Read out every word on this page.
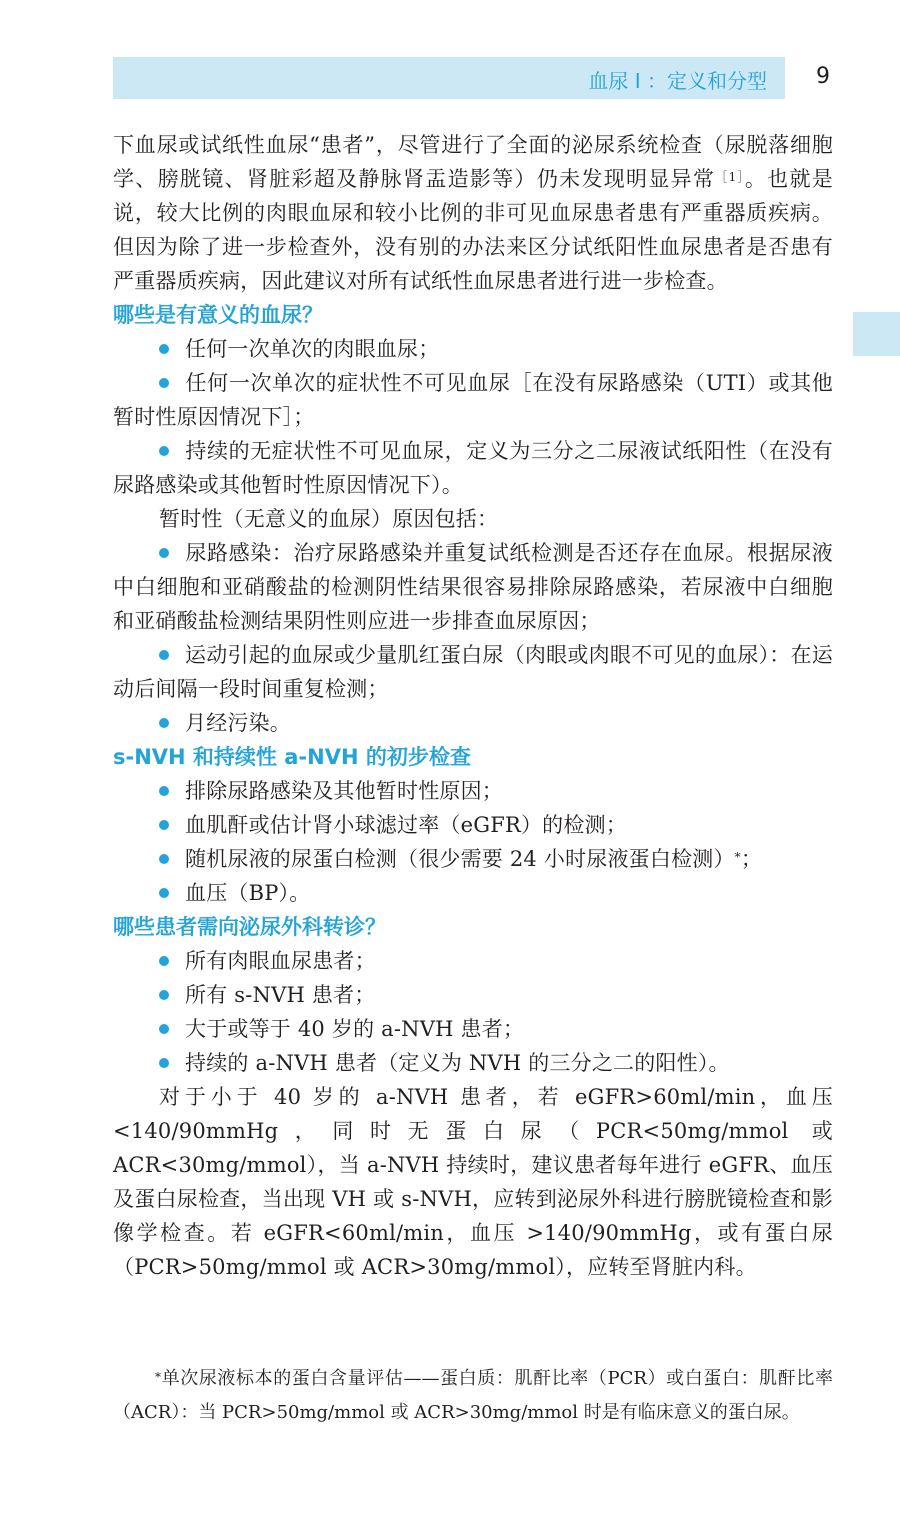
血尿 Ⅰ ：定义和分型 9

下血尿或试纸性血尿“患者”，尽管进行了全面的泌尿系统检查（尿脱落细胞学、膀胱镜、肾脏彩超及静脉肾盂造影等）仍未发现明显异常$^{[1]}$。也就是说，较大比例的肉眼血尿和较小比例的非可见血尿患者患有严重器质疾病。但因为除了进一步检查外，没有别的办法来区分试纸阳性血尿患者是否患有严重器质疾病，因此建议对所有试纸性血尿患者进行进一步检查。

哪些是有意义的血尿？

任何一次单次的肉眼血尿；

任何一次单次的症状性不可见血尿［在没有尿路感染（UTI）或其他暂时性原因情况下］；

持续的无症状性不可见血尿，定义为三分之二尿液试纸阳性（在没有尿路感染或其他暂时性原因情况下）。

暂时性（无意义的血尿）原因包括：

尿路感染：治疗尿路感染并重复试纸检测是否还存在血尿。根据尿液中白细胞和亚硝酸盐的检测阴性结果很容易排除尿路感染，若尿液中白细胞和亚硝酸盐检测结果阴性则应进一步排查血尿原因；

运动引起的血尿或少量肌红蛋白尿（肉眼或肉眼不可见的血尿）：在运动后间隔一段时间重复检测；

月经污染。

s-NVH 和持续性 a-NVH 的初步检查

排除尿路感染及其他暂时性原因；

血肌酐或估计肾小球滤过率（eGFR）的检测；

随机尿液的尿蛋白检测（很少需要 24 小时尿液蛋白检测）*；

血压（BP）。

哪些患者需向泌尿外科转诊？

所有肉眼血尿患者；

所有 s-NVH 患者；

大于或等于 40 岁的 a-NVH 患者；

持续的 a-NVH 患者（定义为 NVH 的三分之二的阳性）。

对于小于 40 岁的 a-NVH 患者，若 eGFR>60ml/min，血压 <140/90mmHg，同时无蛋白尿（PCR<50mg/mmol 或 ACR<30mg/mmol），当 a-NVH 持续时，建议患者每年进行 eGFR、血压及蛋白尿检查，当出现 VH 或 s-NVH，应转到泌尿外科进行膀胱镜检查和影像学检查。若 eGFR<60ml/min，血压 >140/90mmHg，或有蛋白尿（PCR>50mg/mmol 或 ACR>30mg/mmol），应转至肾脏内科。

*单次尿液标本的蛋白含量评估——蛋白质：肌酐比率（PCR）或白蛋白：肌酐比率（ACR）：当 PCR>50mg/mmol 或 ACR>30mg/mmol 时是有临床意义的蛋白尿。
